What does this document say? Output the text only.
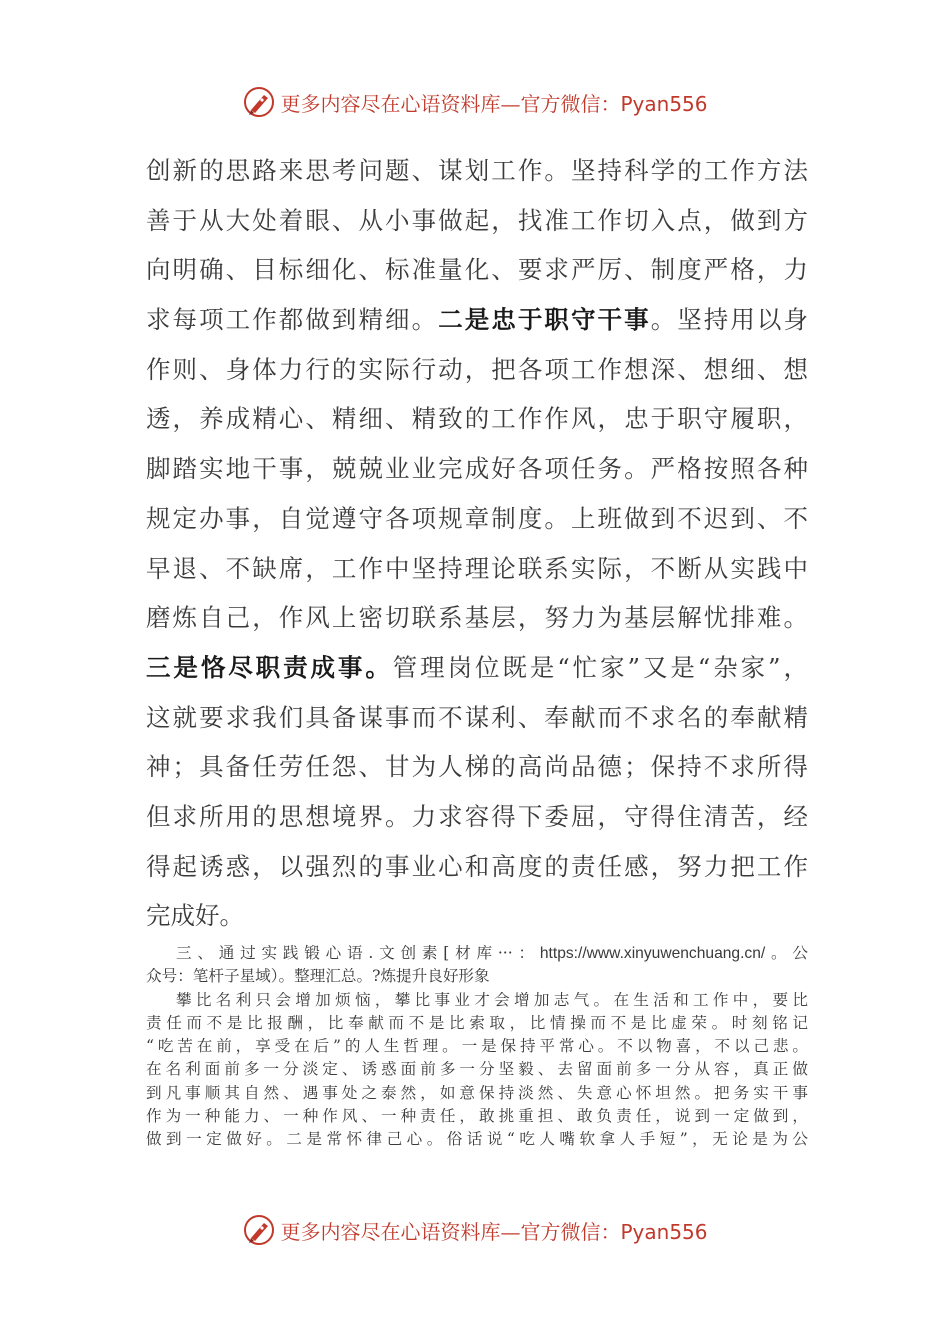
更多内容尽在心语资料库—官方微信：Pyan556
创新的思路来思考问题、谋划工作。坚持科学的工作方法
善于从大处着眼、从小事做起，找准工作切入点，做到方
向明确、目标细化、标准量化、要求严厉、制度严格，力
求每项工作都做到精细。二是忠于职守干事。坚持用以身
作则、身体力行的实际行动，把各项工作想深、想细、想
透，养成精心、精细、精致的工作作风，忠于职守履职，
脚踏实地干事，兢兢业业完成好各项任务。严格按照各种
规定办事，自觉遵守各项规章制度。上班做到不迟到、不
早退、不缺席，工作中坚持理论联系实际，不断从实践中
磨炼自己，作风上密切联系基层，努力为基层解忧排难。
三是恪尽职责成事。管理岗位既是“忙家”又是“杂家”，
这就要求我们具备谋事而不谋利、奉献而不求名的奉献精
神；具备任劳任怨、甘为人梯的高尚品德；保持不求所得
但求所用的思想境界。力求容得下委屈，守得住清苦，经
得起诱惑，以强烈的事业心和高度的责任感，努力把工作
完成好。
三、通过实践锻心语.文创素[材库···：https://www.xinyuwenchuang.cn/。公
众号：笔杆子星域）。整理汇总。?炼提升良好形象
攀比名利只会增加烦恼，攀比事业才会增加志气。在生活和工作中，要比
责任而不是比报酬，比奉献而不是比索取，比情操而不是比虚荣。时刻铭记
“吃苦在前，享受在后”的人生哲理。一是保持平常心。不以物喜，不以己悲。
在名利面前多一分淡定、诱惑面前多一分坚毅、去留面前多一分从容，真正做
到凡事顺其自然、遇事处之泰然，如意保持淡然、失意心怀坦然。把务实干事
作为一种能力、一种作风、一种责任，敢挑重担、敢负责任，说到一定做到，
做到一定做好。二是常怀律己心。俗话说“吃人嘴软拿人手短”，无论是为公
更多内容尽在心语资料库—官方微信：Pyan556
